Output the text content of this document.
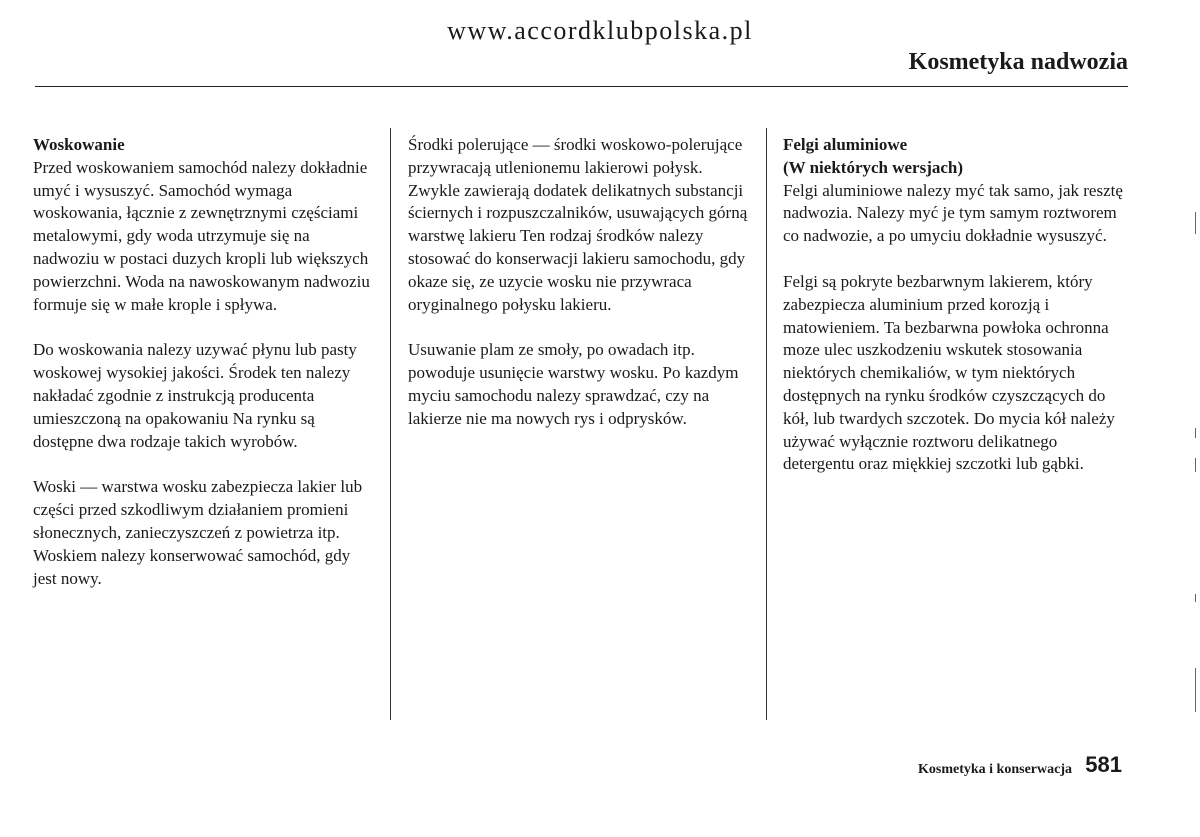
www.accordklubpolska.pl
Kosmetyka nadwozia

Woskowanie
Przed woskowaniem samochód nalezy dokładnie umyć i wysuszyć. Samochód wymaga woskowania, łącznie z zewnętrznymi częściami metalowymi, gdy woda utrzymuje się na nadwoziu w postaci duzych kropli lub większych powierzchni. Woda na nawoskowanym nadwoziu formuje się w małe krople i spływa.

Do woskowania nalezy uzywać płynu lub pasty woskowej wysokiej jakości. Środek ten nalezy nakładać zgodnie z instrukcją producenta umieszczoną na opakowaniu Na rynku są dostępne dwa rodzaje takich wyrobów.

Woski — warstwa wosku zabezpiecza lakier lub części przed szkodliwym działaniem promieni słonecznych, zanieczyszczeń z powietrza itp. Woskiem nalezy konserwować samochód, gdy jest nowy.

Środki polerujące — środki woskowo-polerujące przywracają utlenionemu lakierowi połysk. Zwykle zawierają dodatek delikatnych substancji ściernych i rozpuszczalników, usuwających górną warstwę lakieru Ten rodzaj środków nalezy stosować do konserwacji lakieru samochodu, gdy okaze się, ze uzycie wosku nie przywraca oryginalnego połysku lakieru.

Usuwanie plam ze smoły, po owadach itp. powoduje usunięcie warstwy wosku. Po kazdym myciu samochodu nalezy sprawdzać, czy na lakierze nie ma nowych rys i odprysków.

Felgi aluminiowe
(W niektórych wersjach)
Felgi aluminiowe nalezy myć tak samo, jak resztę nadwozia. Nalezy myć je tym samym roztworem co nadwozie, a po umyciu dokładnie wysuszyć.

Felgi są pokryte bezbarwnym lakierem, który zabezpiecza aluminium przed korozją i matowieniem. Ta bezbarwna powłoka ochronna moze ulec uszkodzeniu wskutek stosowania niektórych chemikaliów, w tym niektórych dostępnych na rynku środków czyszczących do kół, lub twardych szczotek. Do mycia kół należy używać wyłącznie roztworu delikatnego detergentu oraz miękkiej szczotki lub gąbki.

Kosmetyka i konserwacja 581
